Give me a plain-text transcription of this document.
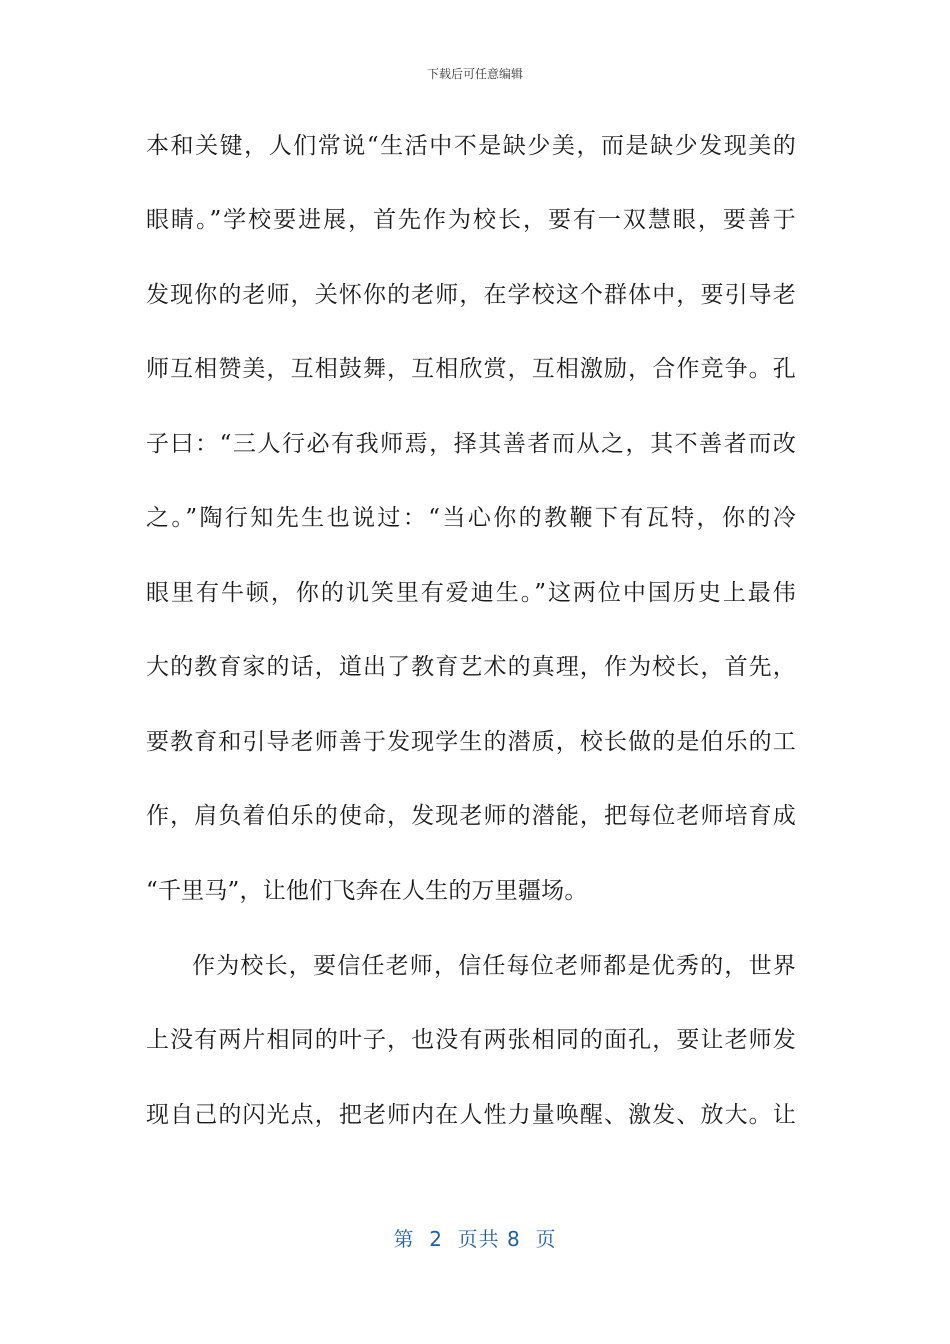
下载后可任意编辑
本和关键，人们常说“生活中不是缺少美，而是缺少发现美的
眼睛。”学校要进展，首先作为校长，要有一双慧眼，要善于
发现你的老师，关怀你的老师，在学校这个群体中，要引导老
师互相赞美，互相鼓舞，互相欣赏，互相激励，合作竞争。孔
子曰：“三人行必有我师焉，择其善者而从之，其不善者而改
之。”陶行知先生也说过：“当心你的教鞭下有瓦特，你的冷
眼里有牛顿，你的讥笑里有爱迪生。”这两位中国历史上最伟
大的教育家的话，道出了教育艺术的真理，作为校长，首先，
要教育和引导老师善于发现学生的潜质，校长做的是伯乐的工
作，肩负着伯乐的使命，发现老师的潜能，把每位老师培育成
“千里马”，让他们飞奔在人生的万里疆场。
作为校长，要信任老师，信任每位老师都是优秀的，世界
上没有两片相同的叶子，也没有两张相同的面孔，要让老师发
现自己的闪光点，把老师内在人性力量唤醒、激发、放大。让
第  2  页共 8  页
